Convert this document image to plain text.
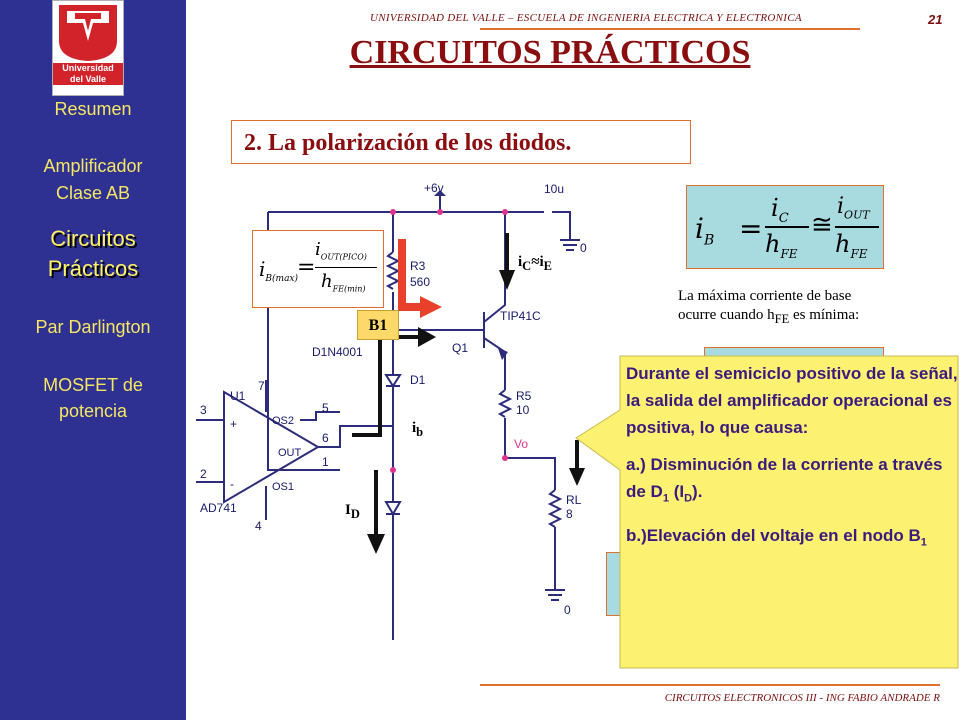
Universidad
del Valle
Resumen
Amplificador
Clase AB
Circuitos
Prácticos
Par Darlington
MOSFET de
potencia
UNIVERSIDAD DEL VALLE – ESCUELA DE INGENIERIA ELECTRICA Y ELECTRONICA	21
CIRCUITOS PRÁCTICOS
2. La polarización de los diodos.
+6v	10u
0
0
R3
560
TIP41C
Q1
D1N4001
D1
U1
AD741
R5
10
RL
8
Vo
3
2
4
7
5
6
1
OS2
OS1
OUT
+
-
$i_C\approx i_E$
$i_b$
$I_D$
B1
$i_B$ =
$i_C$
$h_{FE}$
≅
$i_{OUT}$
$h_{FE}$
$i_{B(max)}$
=
$i_{OUT(PICO)}$
$h_{FE(min)}$	La máxima corriente de base
ocurre cuando $h_{FE}$ es mínima:
Durante el semiciclo positivo de la señal, la salida del amplificador operacional es positiva, lo que causa:
a.) Disminución de la corriente a través de $D_1$ $(I_D)$.
b.)Elevación del voltaje en el nodo $B_1$
CIRCUITOS ELECTRONICOS III - ING FABIO ANDRADE R
